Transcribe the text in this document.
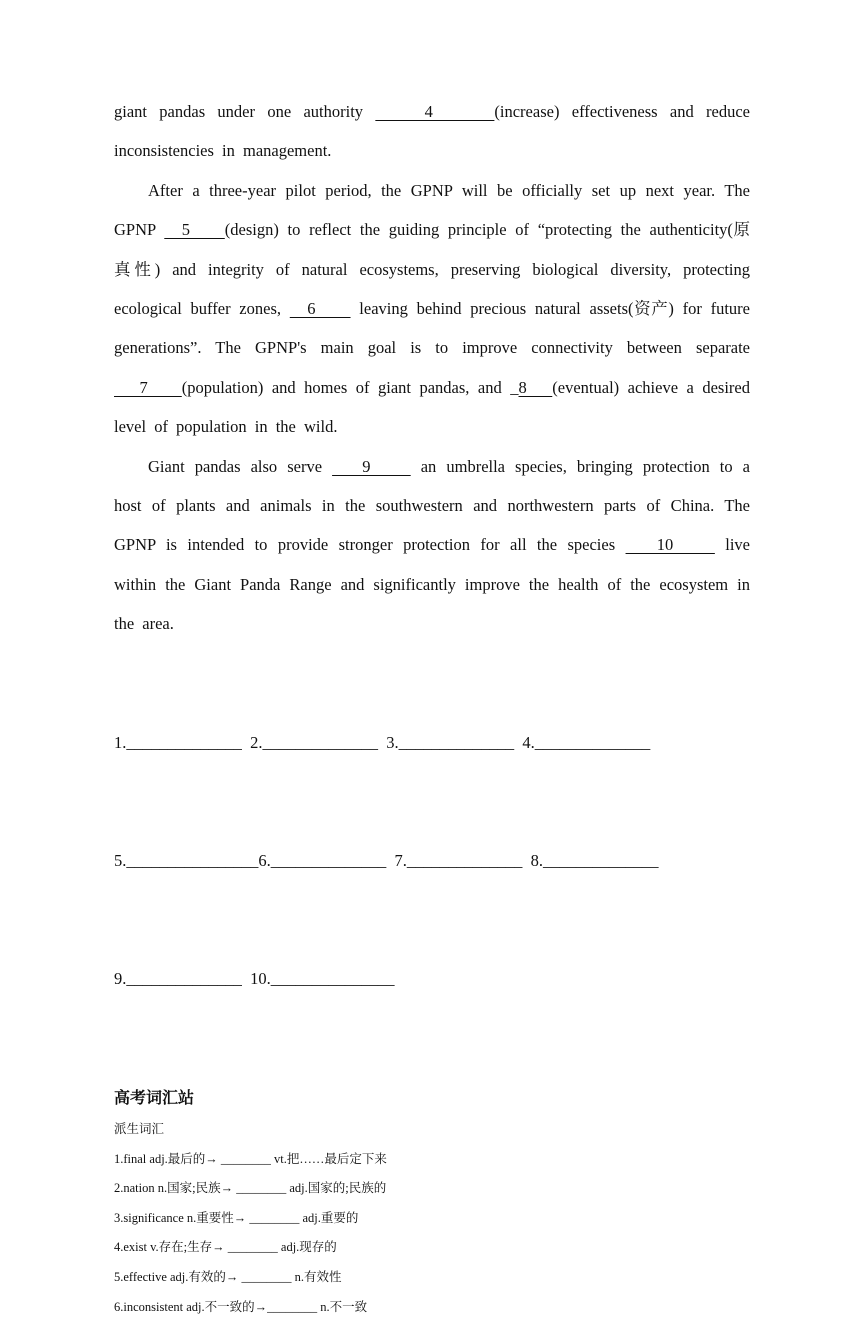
giant pandas under one authority     4     (increase) effectiveness and reduce inconsistencies in management.

After a three-year pilot period, the GPNP will be officially set up next year. The GPNP   5    (design) to reflect the guiding principle of “protecting the authenticity(原真性) and integrity of natural ecosystems, preserving biological diversity, protecting ecological buffer zones,   6     leaving behind precious natural assets(资产) for future generations”. The GPNP's main goal is to improve connectivity between separate    7    (population) and homes of giant pandas, and _8   (eventual) achieve a desired level of population in the wild.

Giant pandas also serve    9     an umbrella species, bringing protection to a host of plants and animals in the southwestern and northwestern parts of China. The GPNP is intended to provide stronger protection for all the species    10     live within the Giant Panda Range and significantly improve the health of the ecosystem in the area.

1.______________  2.______________  3.______________  4.______________

5.________________6.______________  7.______________  8.______________

9.______________  10._______________

高考词汇站

派生词汇

1.final adj.最后的→ ________ vt.把……最后定下来

2.nation n.国家;民族→ ________ adj.国家的;民族的

3.significance n.重要性→ ________ adj.重要的

4.exist v.存在;生存→ ________ adj.现存的

5.effective adj.有效的→ ________ n.有效性

6.inconsistent adj.不一致的→________ n.不一致
